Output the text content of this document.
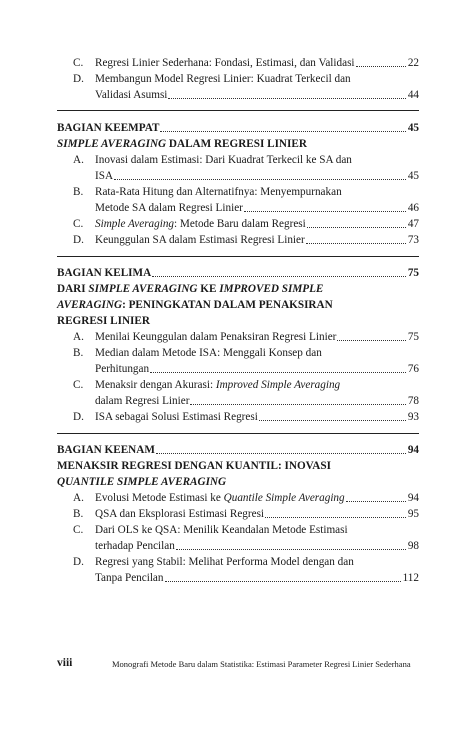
C.	Regresi Linier Sederhana: Fondasi, Estimasi, dan Validasi	22
D. Membangun Model Regresi Linier: Kuadrat Terkecil dan
Validasi Asumsi	44
BAGIAN KEEMPAT	45
SIMPLE AVERAGING DALAM REGRESI LINIER
A. Inovasi dalam Estimasi: Dari Kuadrat Terkecil ke SA dan
ISA	45
B.	Rata-Rata Hitung dan Alternatifnya: Menyempurnakan
Metode SA dalam Regresi Linier	46
C.	Simple Averaging: Metode Baru dalam Regresi	47
D. Keunggulan SA dalam Estimasi Regresi Linier	73
BAGIAN KELIMA	75
DARI SIMPLE AVERAGING KE IMPROVED SIMPLE
AVERAGING: PENINGKATAN DALAM PENAKSIRAN
REGRESI LINIER
A. Menilai Keunggulan dalam Penaksiran Regresi Linier	75
B.	Median dalam Metode ISA: Menggali Konsep dan
Perhitungan	76
C.	Menaksir dengan Akurasi: Improved Simple Averaging
dalam Regresi Linier	78
D. ISA sebagai Solusi Estimasi Regresi	93
BAGIAN KEENAM	94
MENAKSIR REGRESI DENGAN KUANTIL: INOVASI
QUANTILE SIMPLE AVERAGING
A. Evolusi Metode Estimasi ke Quantile Simple Averaging	94
B.	QSA dan Eksplorasi Estimasi Regresi	95
C.	Dari OLS ke QSA: Menilik Keandalan Metode Estimasi
terhadap Pencilan	98
D. Regresi yang Stabil: Melihat Performa Model dengan dan
Tanpa Pencilan	112
viii	Monografi Metode Baru dalam Statistika: Estimasi Parameter Regresi Linier Sederhana
